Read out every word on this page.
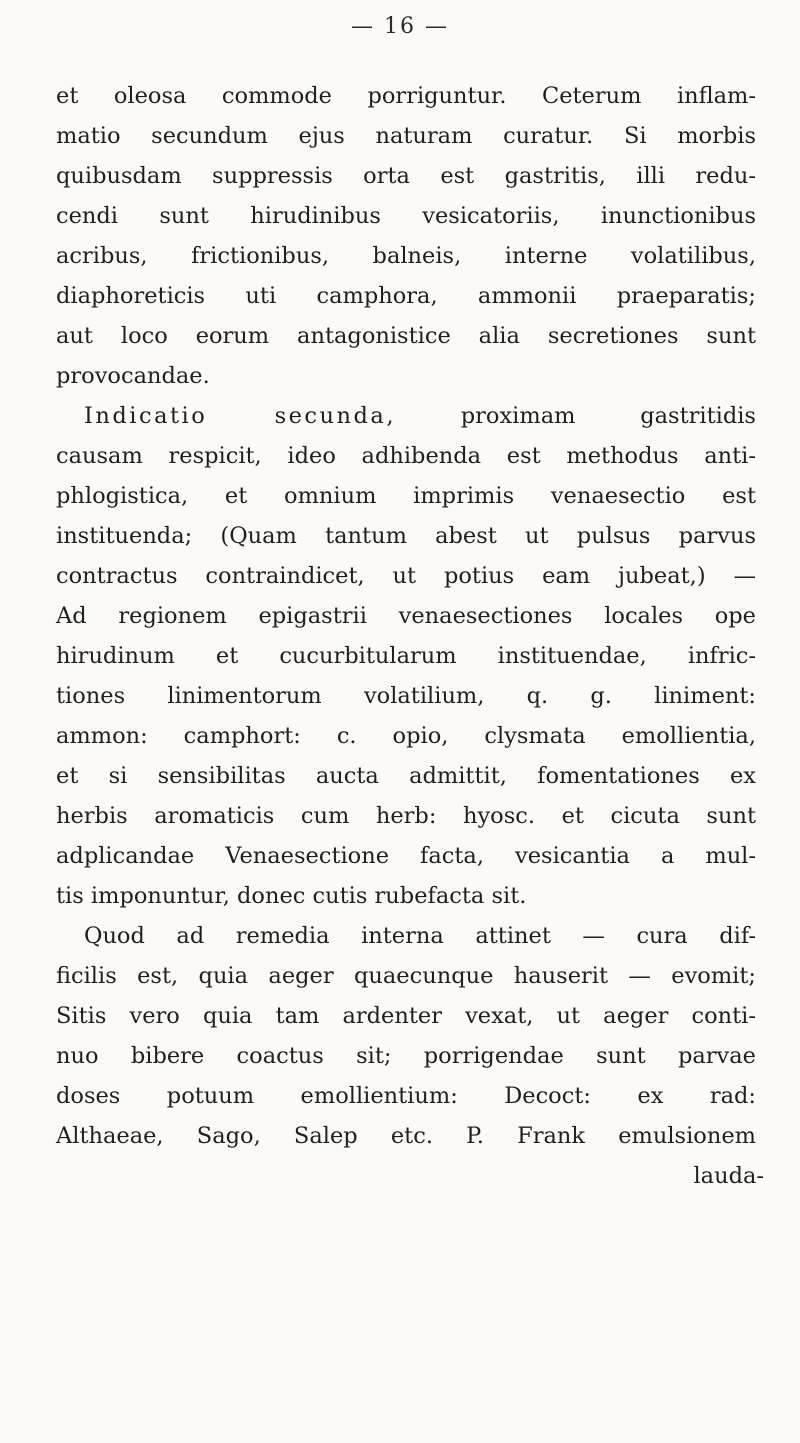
— 16 —
et oleosa commode porriguntur. Ceterum inflam-
matio secundum ejus naturam curatur. Si morbis
quibusdam suppressis orta est gastritis, illi redu-
cendi sunt hirudinibus vesicatoriis, inunctionibus
acribus, frictionibus, balneis, interne volatilibus,
diaphoreticis uti camphora, ammonii praeparatis;
aut loco eorum antagonistice alia secretiones sunt
provocandae.
Indicatio secunda, proximam gastritidis
causam respicit, ideo adhibenda est methodus anti-
phlogistica, et omnium imprimis venaesectio est
instituenda; (Quam tantum abest ut pulsus parvus
contractus contraindicet, ut potius eam jubeat,) —
Ad regionem epigastrii venaesectiones locales ope
hirudinum et cucurbitularum instituendae, infric-
tiones linimentorum volatilium, q. g. liniment:
ammon: camphort: c. opio, clysmata emollientia,
et si sensibilitas aucta admittit, fomentationes ex
herbis aromaticis cum herb: hyosc. et cicuta sunt
adplicandae Venaesectione facta, vesicantia a mul-
tis imponuntur, donec cutis rubefacta sit.
Quod ad remedia interna attinet — cura dif-
ficilis est, quia aeger quaecunque hauserit — evomit;
Sitis vero quia tam ardenter vexat, ut aeger conti-
nuo bibere coactus sit; porrigendae sunt parvae
doses potuum emollientium: Decoct: ex rad:
Althaeae, Sago, Salep etc. P. Frank emulsionem
lauda-
